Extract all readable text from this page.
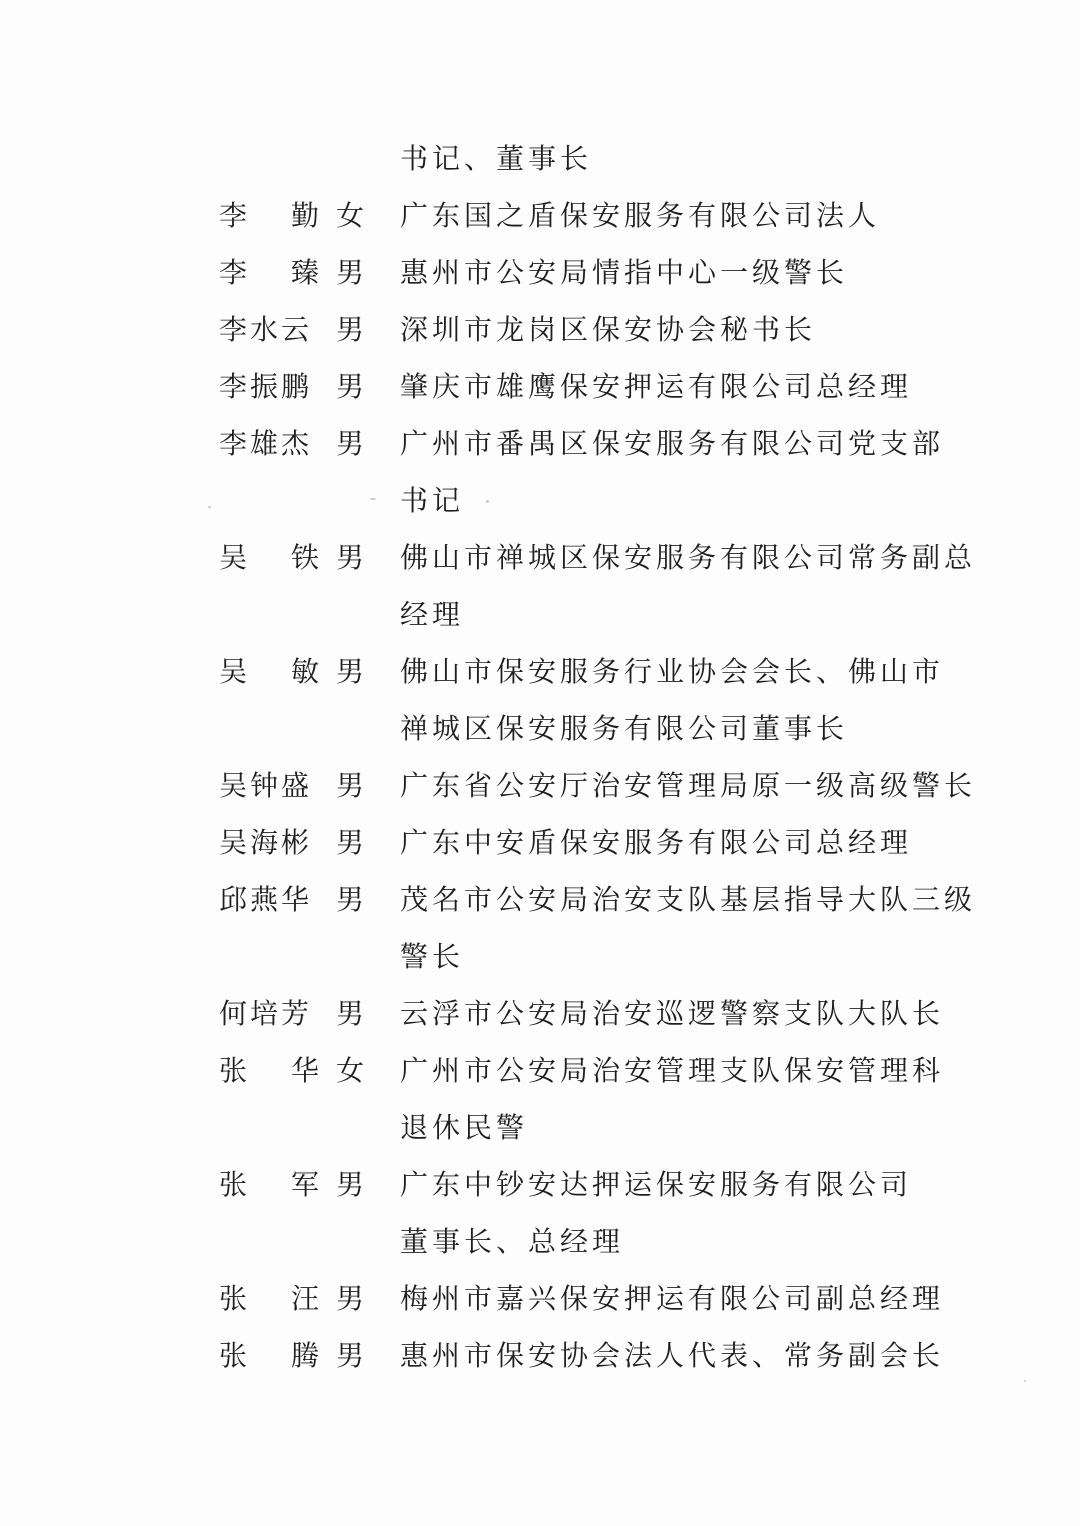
书记、董事长
李 勤 女 广东国之盾保安服务有限公司法人
李 臻 男 惠州市公安局情指中心一级警长
李水云 男 深圳市龙岗区保安协会秘书长
李振鹏 男 肇庆市雄鹰保安押运有限公司总经理
李雄杰 男 广州市番禺区保安服务有限公司党支部
书记
吴 铁 男 佛山市禅城区保安服务有限公司常务副总
经理
吴 敏 男 佛山市保安服务行业协会会长、佛山市
禅城区保安服务有限公司董事长
吴钟盛 男 广东省公安厅治安管理局原一级高级警长
吴海彬 男 广东中安盾保安服务有限公司总经理
邱燕华 男 茂名市公安局治安支队基层指导大队三级
警长
何培芳 男 云浮市公安局治安巡逻警察支队大队长
张 华 女 广州市公安局治安管理支队保安管理科
退休民警
张 军 男 广东中钞安达押运保安服务有限公司
董事长、总经理
张 汪 男 梅州市嘉兴保安押运有限公司副总经理
张 腾 男 惠州市保安协会法人代表、常务副会长
